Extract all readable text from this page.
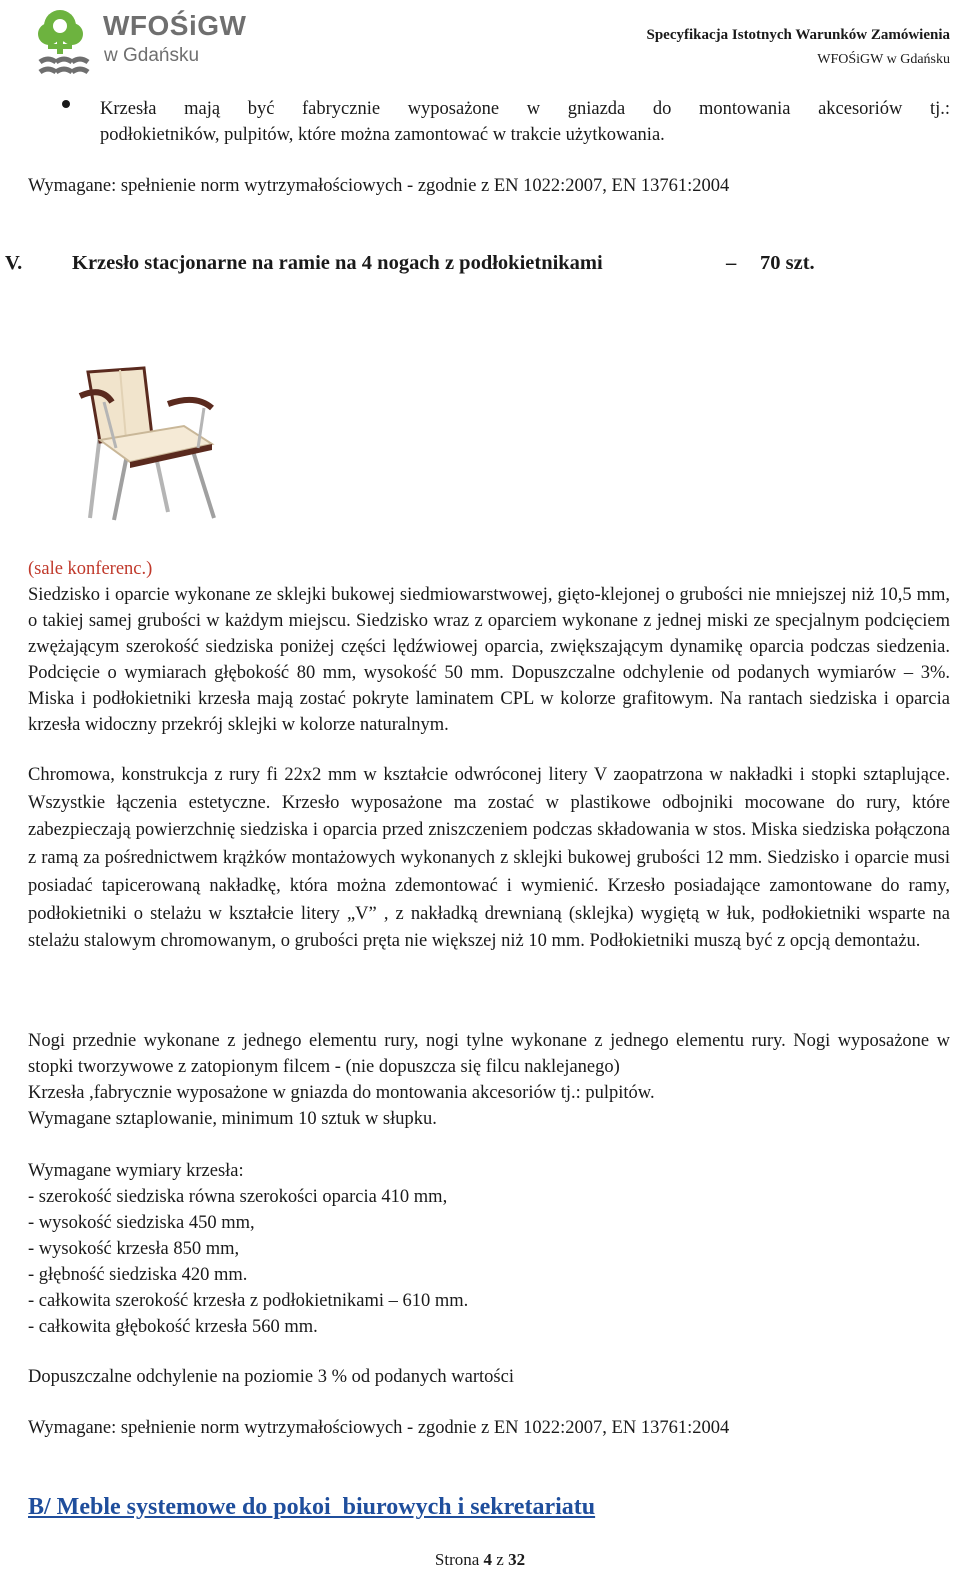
WFOŚiGW
w Gdańsku
Specyfikacja Istotnych Warunków Zamówienia
WFOŚiGW w Gdańsku
Krzesła mają być fabrycznie wyposażone w gniazda do montowania akcesoriów tj.:
podłokietników, pulpitów, które można zamontować w trakcie użytkowania.
Wymagane: spełnienie norm wytrzymałościowych - zgodnie z EN 1022:2007, EN 13761:2004
V. Krzesło stacjonarne na ramie na 4 nogach z podłokietnikami	– 70 szt.
(sale konferenc.)
Siedzisko i oparcie wykonane ze sklejki bukowej siedmiowarstwowej, gięto-klejonej o grubości nie mniejszej niż 10,5 mm, o takiej samej grubości w każdym miejscu. Siedzisko wraz z oparciem wykonane z jednej miski ze specjalnym podcięciem zwężającym szerokość siedziska poniżej części lędźwiowej oparcia, zwiększającym dynamikę oparcia podczas siedzenia. Podcięcie o wymiarach głębokość 80 mm, wysokość 50 mm. Dopuszczalne odchylenie od podanych wymiarów – 3%. Miska i podłokietniki krzesła mają zostać pokryte laminatem CPL w kolorze grafitowym. Na rantach siedziska i oparcia krzesła widoczny przekrój sklejki w kolorze naturalnym.
Chromowa, konstrukcja z rury fi 22x2 mm w kształcie odwróconej litery V zaopatrzona w nakładki i stopki sztaplujące. Wszystkie łączenia estetyczne. Krzesło wyposażone ma zostać w plastikowe odbojniki mocowane do rury, które zabezpieczają powierzchnię siedziska i oparcia przed zniszczeniem podczas składowania w stos. Miska siedziska połączona z ramą za pośrednictwem krążków montażowych wykonanych z sklejki bukowej grubości 12 mm. Siedzisko i oparcie musi posiadać tapicerowaną nakładkę, która można zdemontować i wymienić. Krzesło posiadające zamontowane do ramy, podłokietniki o stelażu w kształcie litery „V” , z nakładką drewnianą (sklejka) wygiętą w łuk, podłokietniki wsparte na stelażu stalowym chromowanym, o grubości pręta nie większej niż 10 mm. Podłokietniki muszą być z opcją demontażu.
Nogi przednie wykonane z jednego elementu rury, nogi tylne wykonane z jednego elementu rury. Nogi wyposażone w stopki tworzywowe z zatopionym filcem - (nie dopuszcza się filcu naklejanego)
Krzesła ,fabrycznie wyposażone w gniazda do montowania akcesoriów tj.: pulpitów.
Wymagane sztaplowanie, minimum 10 sztuk w słupku.
Wymagane wymiary krzesła:
- szerokość siedziska równa szerokości oparcia 410 mm,
- wysokość siedziska 450 mm,
- wysokość krzesła 850 mm,
- głębność siedziska 420 mm.
- całkowita szerokość krzesła z podłokietnikami – 610 mm.
- całkowita głębokość krzesła 560 mm.
Dopuszczalne odchylenie na poziomie 3 % od podanych wartości
Wymagane: spełnienie norm wytrzymałościowych - zgodnie z EN 1022:2007, EN 13761:2004
B/ Meble systemowe do pokoi  biurowych i sekretariatu
Strona 4 z 32
